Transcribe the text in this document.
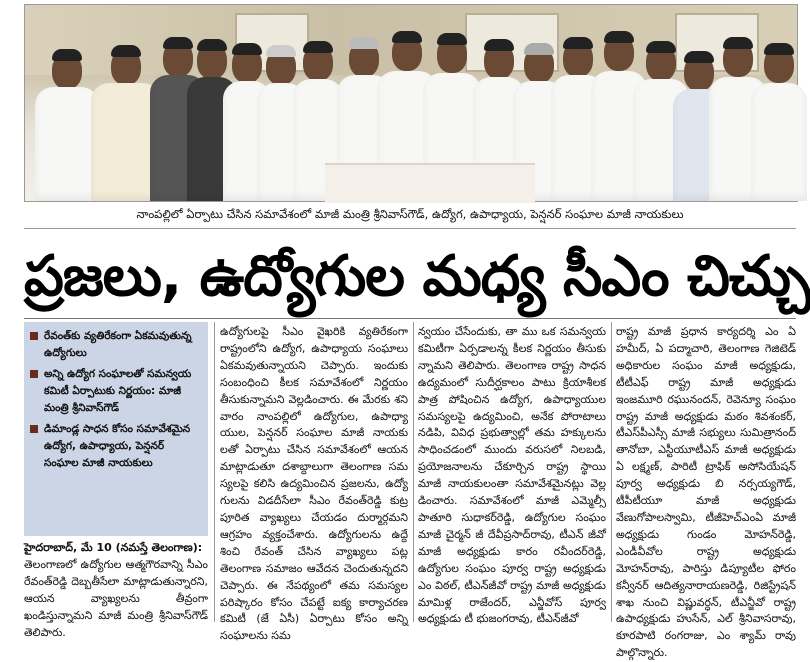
నాంపల్లిలో ఏర్పాటు చేసిన సమావేశంలో మాజీ మంత్రి శ్రీనివాస్‌గౌడ్, ఉద్యోగ, ఉపాధ్యాయ, పెన్షనర్ సంఘాల మాజీ నాయకులు
ప్రజలు, ఉద్యోగుల మధ్య సీఎం చిచ్చు
రేవంత్‌కు వ్యతిరేకంగా ఏకమవుతున్న ఉద్యోగులు
అన్ని ఉద్యోగ సంఘాలతో సమన్వయ కమిటీ ఏర్పాటుకు నిర్ణయం: మాజీ మంత్రి శ్రీనివాస్‌గౌడ్
డిమాండ్ల సాధన కోసం సమావేశమైన ఉద్యోగ, ఉపాధ్యాయ, పెన్షనర్ సంఘాల మాజీ నాయకులు

హైదరాబాద్, మే 10 (నమస్తే తెలంగాణ):

తెలంగాణలో ఉద్యోగుల ఆత్మగౌరవాన్ని సీఎం రేవంత్‌రెడ్డి దెబ్బతీసేలా మాట్లాడుతున్నారని, ఆయన వ్యాఖ్యలను తీవ్రంగా ఖండిస్తున్నామని మాజీ మంత్రి శ్రీనివాస్‌గౌడ్ తెలిపారు.

ఉద్యోగులపై సీఎం వైఖరికి వ్యతిరేకంగా రాష్ట్రంలోని ఉద్యోగ, ఉపాధ్యాయ సంఘాలు ఏకమవుతున్నాయని చెప్పారు. ఇందుకు సంబంధించి కీలక సమావేశంలో నిర్ణయం తీసుకున్నామని వెల్లడించారు. ఈ మేరకు శని వారం నాంపల్లిలో ఉద్యోగుల, ఉపాధ్యా యుల, పెన్షనర్ సంఘాల మాజీ నాయకు లతో ఏర్పాటు చేసిన సమావేశంలో ఆయన మాట్లాడుతూ దశాబ్దాలుగా తెలంగాణ సమ స్యలపై కలిసి ఉద్యమించిన ప్రజలను, ఉద్యో గులను విడదీసేలా సీఎం రేవంత్‌రెడ్డి కుట్ర పూరిత వ్యాఖ్యలు చేయడం దుర్మార్గమని ఆగ్రహం వ్యక్తంచేశారు. ఉద్యోగులను ఉద్దే శించి రేవంత్ చేసిన వ్యాఖ్యలు పట్ల తెలంగాణ సమాజం ఆవేదన చెందుతున్నదని చెప్పారు. ఈ నేపథ్యంలో తమ సమస్యల పరిష్కారం కోసం చేపట్టే ఐక్య కార్యాచరణ కమిటీ (జే ఏసీ) ఏర్పాటు కోసం అన్ని సంఘాలను సమ

న్వయం చేసేందుకు, తా ము ఒక సమన్వయ కమిటీగా ఏర్పడాలన్న కీలక నిర్ణయం తీసుకు న్నామని తెలిపారు. తెలంగాణ రాష్ట్ర సాధన ఉద్యమంలో సుదీర్ఘకాలం పాటు క్రియాశీలక పాత్ర పోషించిన ఉద్యోగ, ఉపాధ్యాయుల సమస్యలపై ఉద్యమించి, అనేక పోరాటాలు నడిపి, వివిధ ప్రభుత్వాల్లో తమ హక్కులను సాధించడంలో ముందు వరుసలో నిలబడి, ప్రయోజనాలను చేకూర్చిన రాష్ట్ర స్థాయి మాజీ నాయకులంతా సమావేశమైనట్లు వెల్ల డించారు. సమావేశంలో మాజీ ఎమ్మెల్సీ పాతూరి సుధాకర్‌రెడ్డి, ఉద్యోగుల సంఘం మాజీ చైర్మన్ జీ దేవీప్రసాద్‌రావు, టీఎన్ జీవో మాజీ అధ్యక్షుడు కారం రవీందర్‌రెడ్డి, ఉద్యోగుల సంఘం పూర్వ రాష్ట్ర అధ్యక్షుడు ఎం విఠల్, టీఎన్‌జీవో రాష్ట్ర మాజీ అధ్యక్షుడు మామిళ్ల రాజేందర్, ఎన్జీవోస్ పూర్వ అధ్యక్షుడు టీ భుజంగరావు, టీఎన్‌జీవో

రాష్ట్ర మాజీ ప్రధాన కార్యదర్శి ఎం ఏ హమీద్, ఏ పద్మాచారి, తెలంగాణ గెజిటెడ్ అధికారుల సంఘం మాజీ అధ్యక్షుడు, టీటీఎఫ్ రాష్ట్ర మాజీ అధ్యక్షుడు ఇంజమూరి రఘునందన్, రెవెన్యూ సంఘం రాష్ట్ర మాజీ అధ్యక్షుడు మఠం శివశంకర్, టీఎస్‌పీఎస్సీ మాజీ సభ్యులు సుమిత్రానంద్ తానోబా, ఎస్టీయూటీఎస్ మాజీ అధ్యక్షుడు ఏ లక్ష్మణ్, పారిటీ ట్రాఫిక్ అసోసియేషన్ పూర్వ అధ్యక్షుడు బి నర్సయ్యగౌడ్, టీపీటీయూ మాజీ అధ్యక్షుడు వేణుగోపాలస్వామి, టీజీహెచ్‌ఎంఏ మాజీ అధ్యక్షుడు గుండం మోహన్‌రెడ్డి, ఎండీవీవోల రాష్ట్ర అధ్యక్షుడు మోహన్‌రావు, పారిస్తు డిప్యూటీల ఫోరం కన్వీనర్ ఆదిత్యనారాయణరెడ్డి, రిజిస్ట్రేషన్ శాఖ నుంచి విష్ణువర్ధన్, టీఎన్జీవో రాష్ట్ర ఉపాధ్యక్షుడు హుసేన్, ఎల్ శ్రీనివాసరావు, కూరపాటి రంగరాజు, ఎం శ్యామ్ రావు పాల్గొన్నారు.
